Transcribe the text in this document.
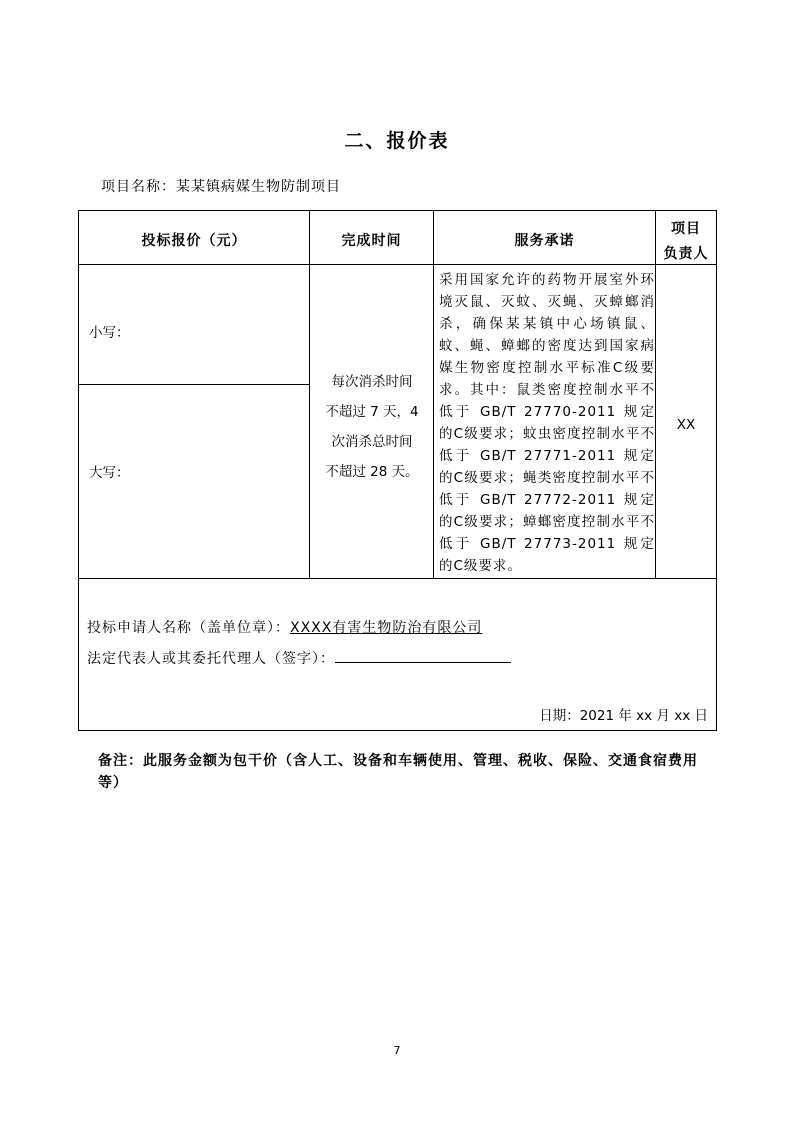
二、报价表
项目名称：某某镇病媒生物防制项目
投标报价（元）	完成时间	服务承诺
项目
负责人
小写：
大写：
每次消杀时间
不超过 7 天，4
次消杀总时间
不超过 28 天。

采用国家允许的药物开展室外环境灭鼠、灭蚊、灭蝇、灭蟑螂消杀，确保某某镇中心场镇鼠、蚊、蝇、蟑螂的密度达到国家病媒生物密度控制水平标准C级要求。其中：鼠类密度控制水平不低于 GB/T 27770-2011 规定的C级要求；蚊虫密度控制水平不低于 GB/T 27771-2011 规定的C级要求；蝇类密度控制水平不低于 GB/T 27772-2011 规定的C级要求；蟑螂密度控制水平不低于 GB/T 27773-2011 规定的C级要求。

XX
投标申请人名称（盖单位章）：XXXX有害生物防治有限公司
法定代表人或其委托代理人（签字）：
日期：2021 年 xx 月 xx 日
备注：此服务金额为包干价（含人工、设备和车辆使用、管理、税收、保险、交通食宿费用等）
7
